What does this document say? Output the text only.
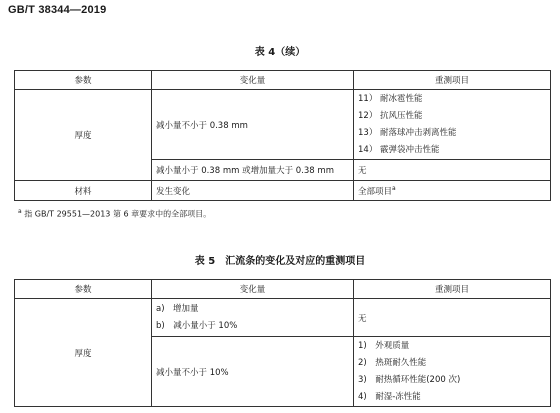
GB/T 38344—2019
表 4（续）
参数	变化量	重测项目
厚度	减小量不小于 0.38 mm	11） 耐冰雹性能
12） 抗风压性能
13） 耐落球冲击剥离性能
14） 霰弹袋冲击性能

	减小量小于 0.38 mm 或增加量大于 0.38 mm	无
材料	发生变化	全部项目$^a$
$^a$ 指 GB/T 29551—2013 第 6 章要求中的全部项目。
表 5　汇流条的变化及对应的重测项目
参数	变化量	重测项目
厚度	a)　增加量
b)　减小量小于 10%	无
	减小量不小于 10%	1)　外观质量
2)　热斑耐久性能
3)　耐热循环性能(200 次)
4)　耐湿-冻性能
